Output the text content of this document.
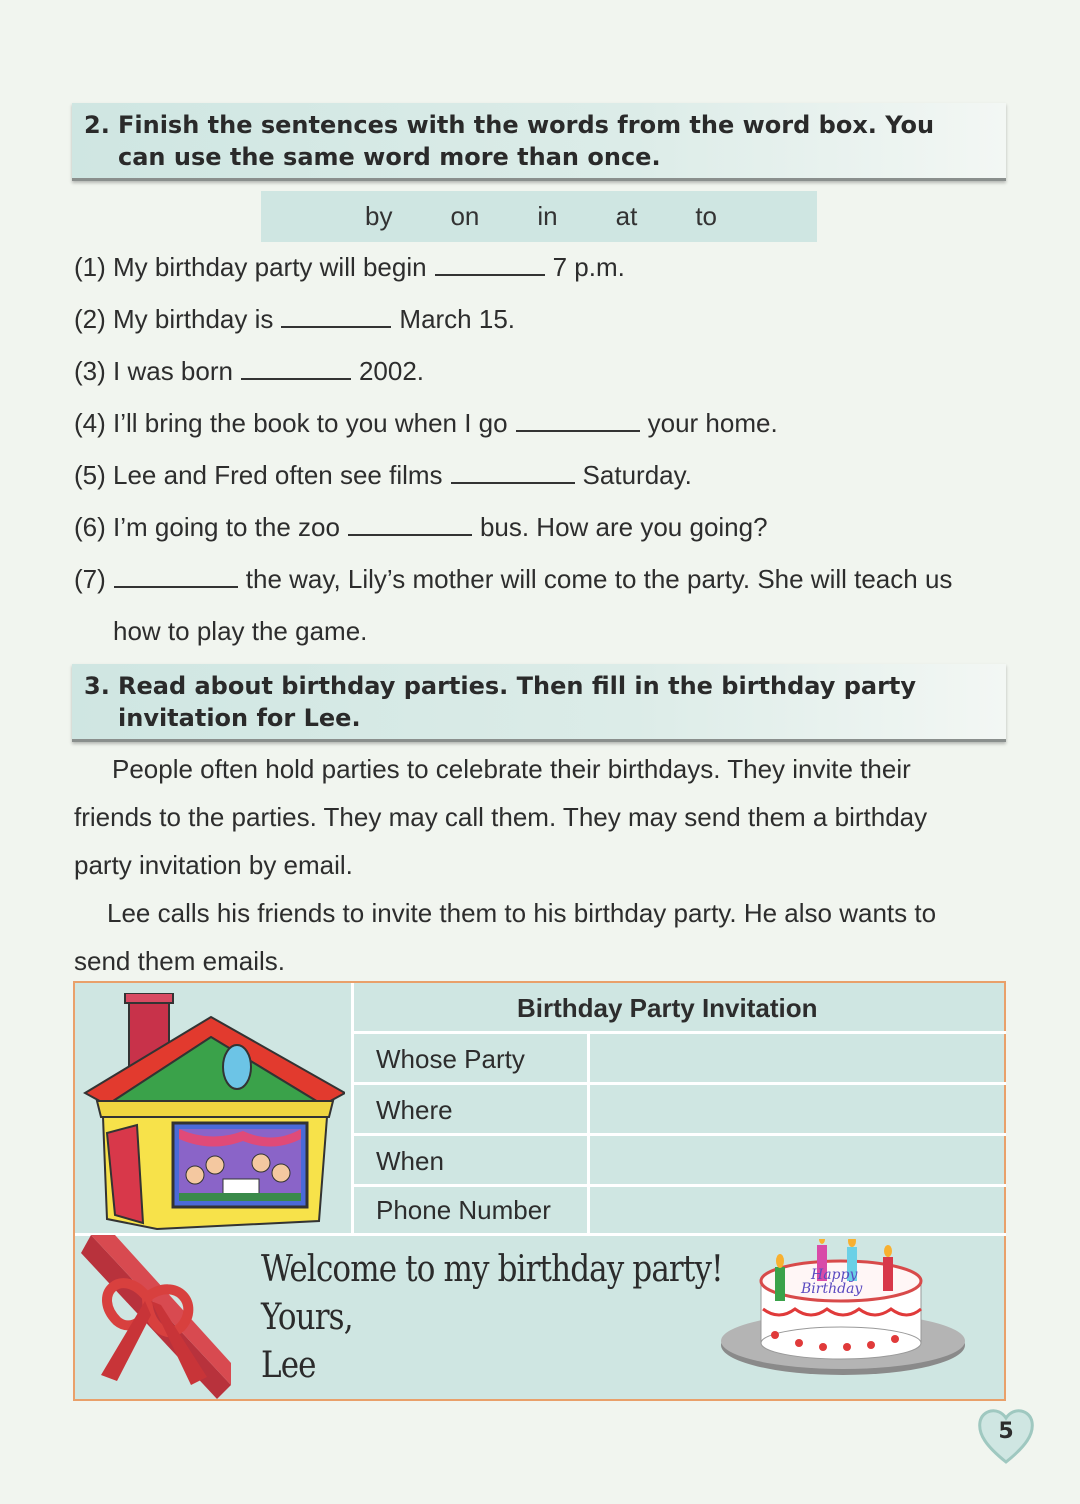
2. Finish the sentences with the words from the word box. You
can use the same word more than once.
by on in at to
(1) My birthday party will begin	7 p.m.
(2) My birthday is	March 15.
(3) I was born	2002.
(4) I’ll bring the book to you when I go	your home.
(5) Lee and Fred often see films	Saturday.
(6) I’m going to the zoo	bus. How are you going?
(7)	the way, Lily’s mother will come to the party. She will teach us
how to play the game.
3. Read about birthday parties. Then fill in the birthday party
invitation for Lee.
People often hold parties to celebrate their birthdays. They invite their
friends to the parties. They may call them. They may send them a birthday
party invitation by email.
Lee calls his friends to invite them to his birthday party. He also wants to
send them emails.
Birthday Party Invitation
Whose Party
Where
When
Phone Number
Welcome to my birthday party!
Yours,
Lee
Happy
Birthday
5
